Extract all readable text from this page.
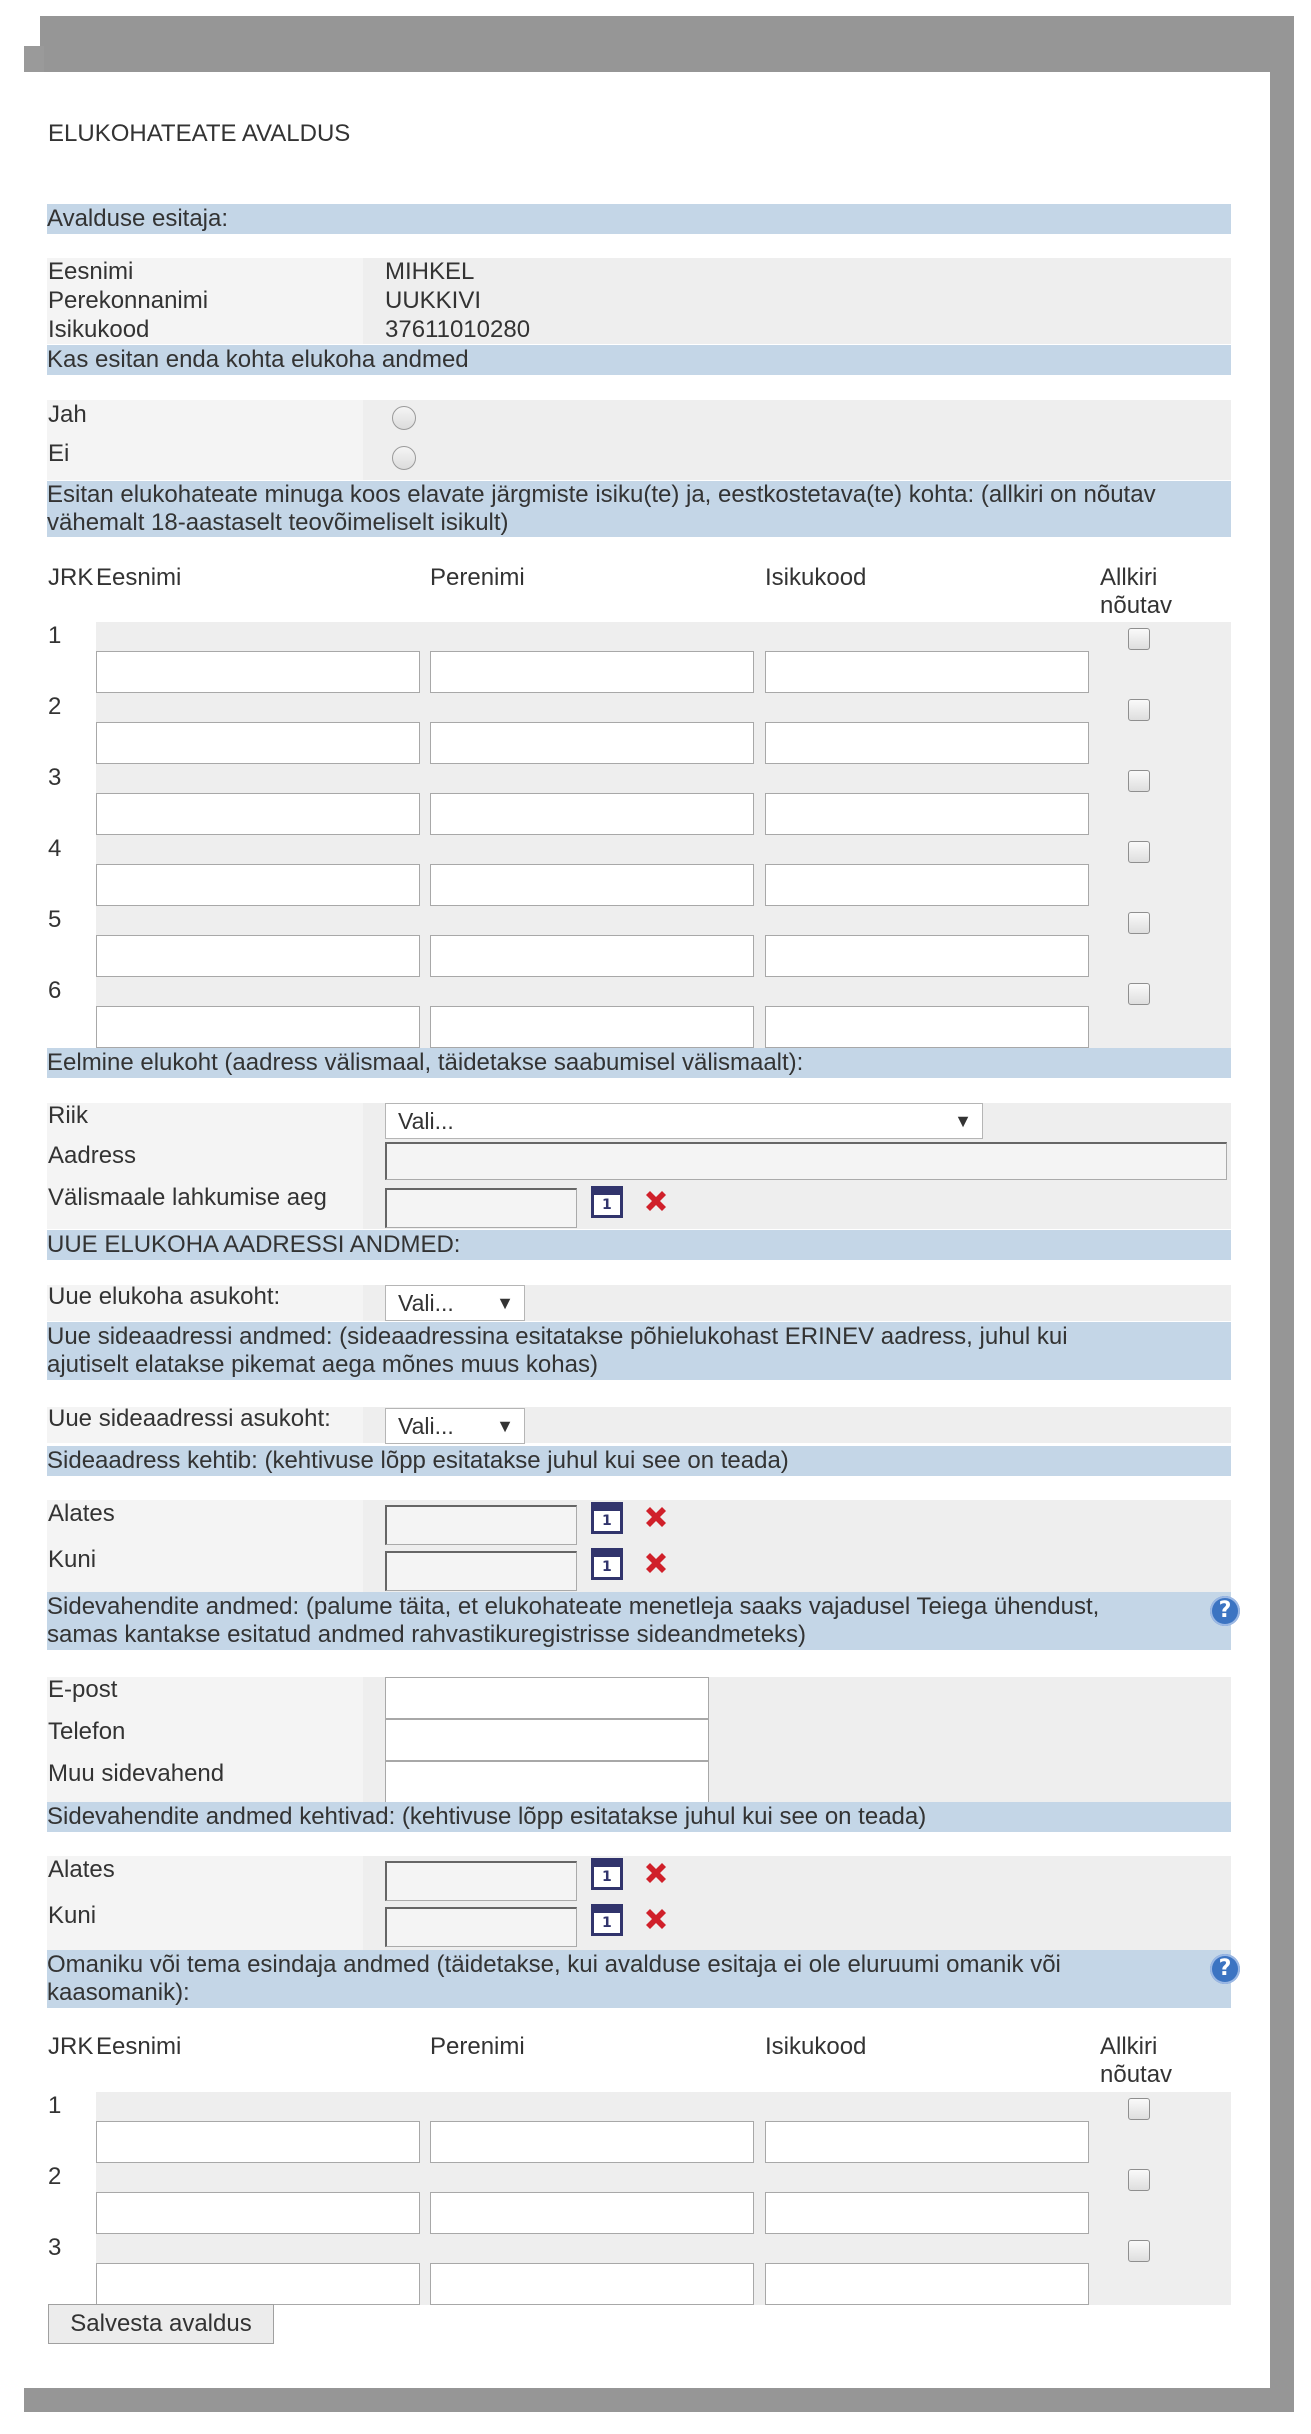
ELUKOHATEATE AVALDUS
Avalduse esitaja:
Eesnimi	MIHKEL
Perekonnanimi	UUKKIVI
Isikukood	37611010280
Kas esitan enda kohta elukoha andmed
Jah
Ei
Esitan elukohateate minuga koos elavate järgmiste isiku(te) ja, eestkostetava(te) kohta: (allkiri on nõutav vähemalt 18-aastaselt teovõimeliselt isikult)
JRK Eesnimi	Perenimi	Isikukood	Allkiri
nõutav
1
2
3
4
5
6
Eelmine elukoht (aadress välismaal, täidetakse saabumisel välismaalt):
Riik	Vali...	▼
Aadress
Välismaale lahkumise aeg	1
UUE ELUKOHA AADRESSI ANDMED:
Uue elukoha asukoht:	Vali... ▼
Uue sideaadressi andmed: (sideaadressina esitatakse põhielukohast ERINEV aadress, juhul kui
ajutiselt elatakse pikemat aega mõnes muus kohas)
Uue sideaadressi asukoht:	Vali... ▼
Sideaadress kehtib: (kehtivuse lõpp esitatakse juhul kui see on teada)
Alates	1
Kuni	1
Sidevahendite andmed: (palume täita, et elukohateate menetleja saaks vajadusel Teiega ühendust,
samas kantakse esitatud andmed rahvastikuregistrisse sideandmeteks)
?
E-post
Telefon
Muu sidevahend
Sidevahendite andmed kehtivad: (kehtivuse lõpp esitatakse juhul kui see on teada)
Alates	1
Kuni	1
Omaniku või tema esindaja andmed (täidetakse, kui avalduse esitaja ei ole eluruumi omanik või
kaasomanik):
?
JRK Eesnimi	Perenimi	Isikukood	Allkiri
nõutav
1
2
3
Salvesta avaldus
